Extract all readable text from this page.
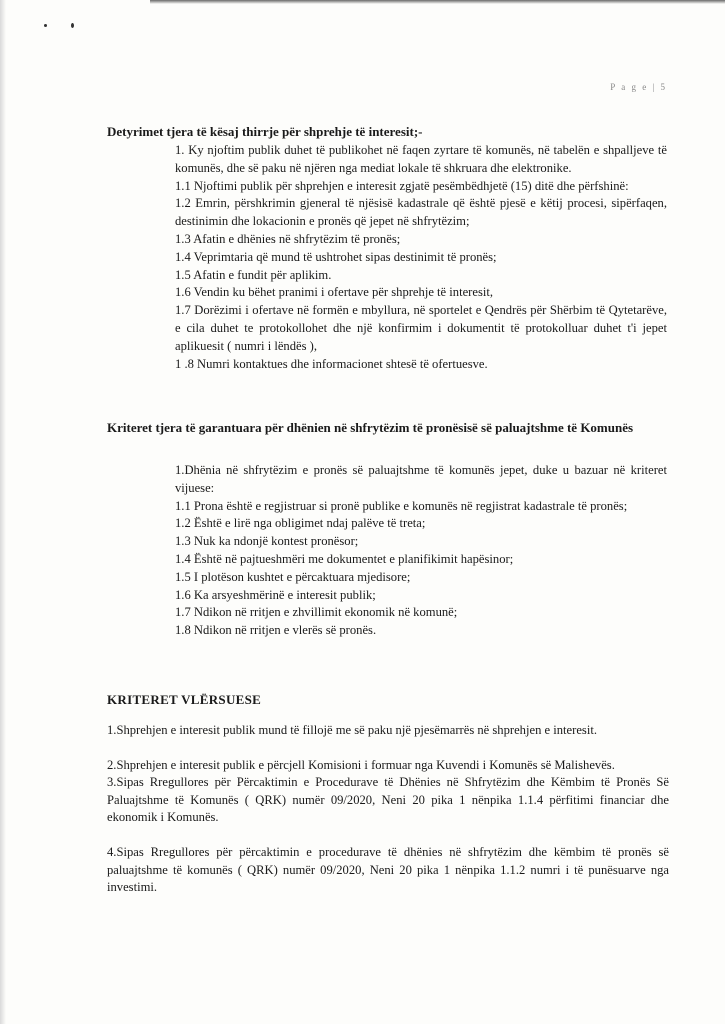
P a g e | 5
Detyrimet tjera të kësaj thirrje për shprehje të interesit;-

1. Ky njoftim publik duhet të publikohet në faqen zyrtare të komunës, në tabelën e shpalljeve të komunës, dhe së paku në njëren nga mediat lokale të shkruara dhe elektronike.

1.1 Njoftimi publik për shprehjen e interesit zgjatë pesëmbëdhjetë (15) ditë dhe përfshinë:

1.2 Emrin, përshkrimin gjeneral të njësisë kadastrale që është pjesë e këtij procesi, sipërfaqen, destinimin dhe lokacionin e pronës që jepet në shfrytëzim;

1.3 Afatin e dhënies në shfrytëzim të pronës;

1.4 Veprimtaria që mund të ushtrohet sipas destinimit të pronës;

1.5 Afatin e fundit për aplikim.

1.6 Vendin ku bëhet pranimi i ofertave për shprehje të interesit,

1.7 Dorëzimi i ofertave në formën e mbyllura, në sportelet e Qendrës për Shërbim të Qytetarëve, e cila duhet te protokollohet dhe një konfirmim i dokumentit të protokolluar duhet t'i jepet aplikuesit ( numri i lëndës ),

1 .8 Numri kontaktues dhe informacionet shtesë të ofertuesve.

Kriteret tjera të garantuara për dhënien në shfrytëzim të pronësisë së paluajtshme të Komunës

1.Dhënia në shfrytëzim e pronës së paluajtshme të komunës jepet, duke u bazuar në kriteret vijuese:

1.1 Prona është e regjistruar si pronë publike e komunës në regjistrat kadastrale të pronës;

1.2 Është e lirë nga obligimet ndaj palëve të treta;

1.3 Nuk ka ndonjë kontest pronësor;

1.4 Është në pajtueshmëri me dokumentet e planifikimit hapësinor;

1.5 I plotëson kushtet e përcaktuara mjedisore;

1.6 Ka arsyeshmërinë e interesit publik;

1.7 Ndikon në rritjen e zhvillimit ekonomik në komunë;

1.8 Ndikon në rritjen e vlerës së pronës.

KRITERET VLËRSUESE

1.Shprehjen e interesit publik mund të fillojë me së paku një pjesëmarrës në shprehjen e interesit.

2.Shprehjen e interesit publik e përcjell Komisioni i formuar nga Kuvendi i Komunës së Malishevës.

3.Sipas Rregullores për Përcaktimin e Procedurave të Dhënies në Shfrytëzim dhe Këmbim të Pronës Së Paluajtshme të Komunës ( QRK) numër 09/2020, Neni 20 pika 1 nënpika 1.1.4 përfitimi financiar dhe ekonomik i Komunës.

4.Sipas Rregullores për përcaktimin e procedurave të dhënies në shfrytëzim dhe këmbim të pronës së paluajtshme të komunës ( QRK) numër 09/2020, Neni 20 pika 1 nënpika 1.1.2 numri i të punësuarve nga investimi.
